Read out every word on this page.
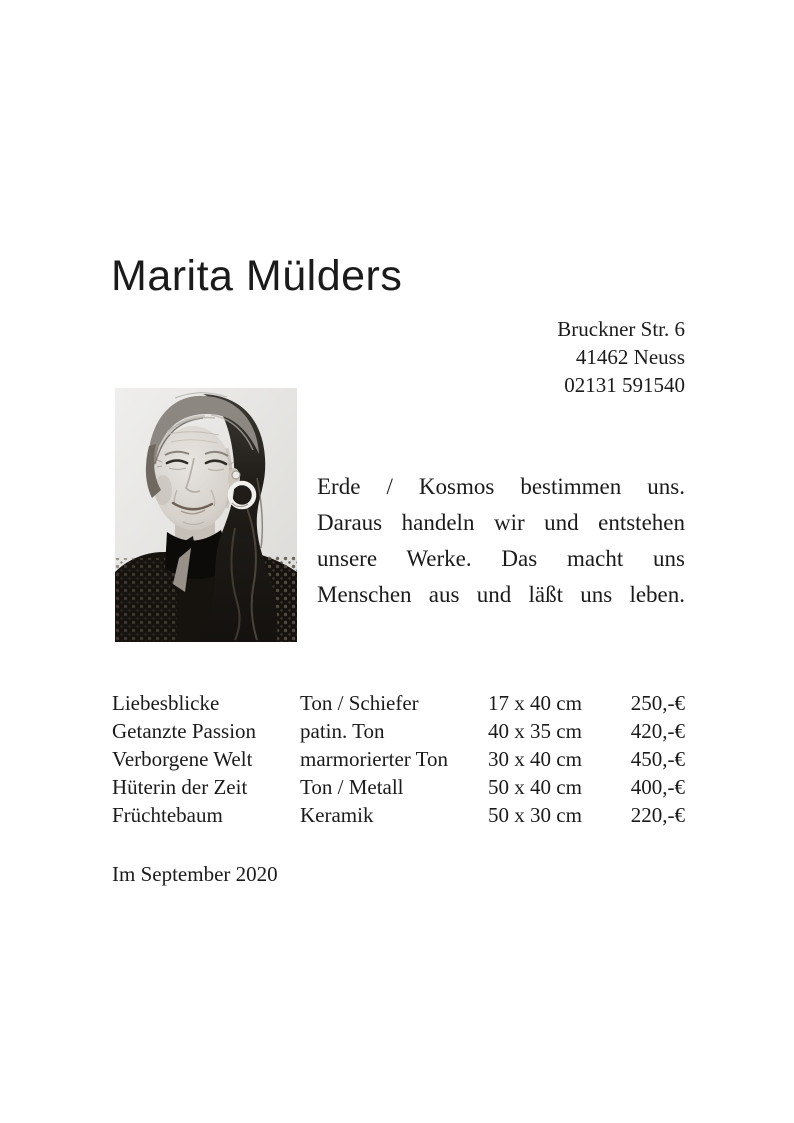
Marita Mülders
Bruckner Str. 6
41462 Neuss
02131 591540
Erde / Kosmos bestimmen uns.
Daraus handeln wir und entstehen
unsere Werke. Das macht uns
Menschen aus und läßt uns leben.
Liebesblicke	Ton / Schiefer	17 x 40 cm	250,-€
Getanzte Passion	patin. Ton	40 x 35 cm	420,-€
Verborgene Welt	marmorierter Ton	30 x 40 cm	450,-€
Hüterin der Zeit	Ton / Metall	50 x 40 cm	400,-€
Früchtebaum	Keramik	50 x 30 cm	220,-€
Im September 2020
